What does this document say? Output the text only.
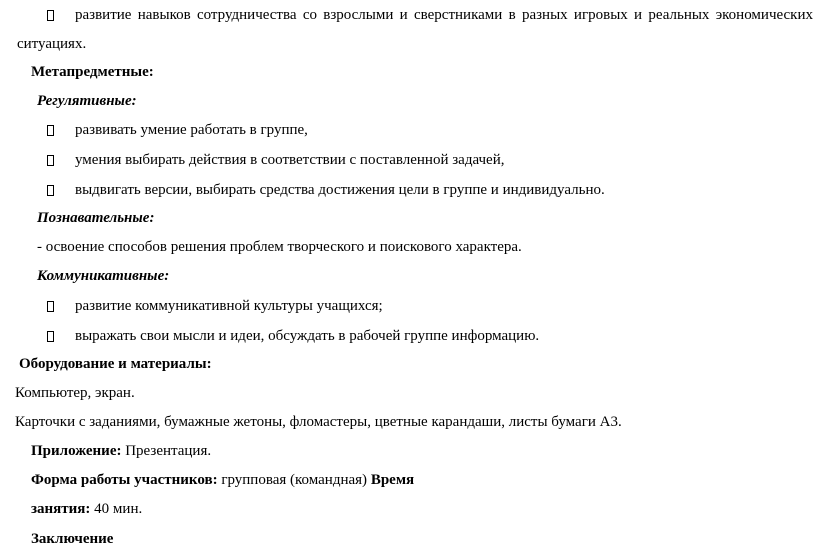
развитие навыков сотрудничества со взрослыми и сверстниками в разных игровых и реальных экономических
ситуациях.
Метапредметные:
Регулятивные:
развивать умение работать в группе,
умения выбирать действия в соответствии с поставленной задачей,
выдвигать версии, выбирать средства достижения цели в группе и индивидуально.
Познавательные:
- освоение способов решения проблем творческого и поискового характера.
Коммуникативные:
развитие коммуникативной культуры учащихся;
выражать свои мысли и идеи, обсуждать в рабочей группе информацию.
Оборудование и материалы:
Компьютер, экран.
Карточки с заданиями, бумажные жетоны, фломастеры, цветные карандаши, листы бумаги А3.
Приложение: Презентация.
Форма работы участников: групповая (командная) Время
занятия: 40 мин.
Заключение
